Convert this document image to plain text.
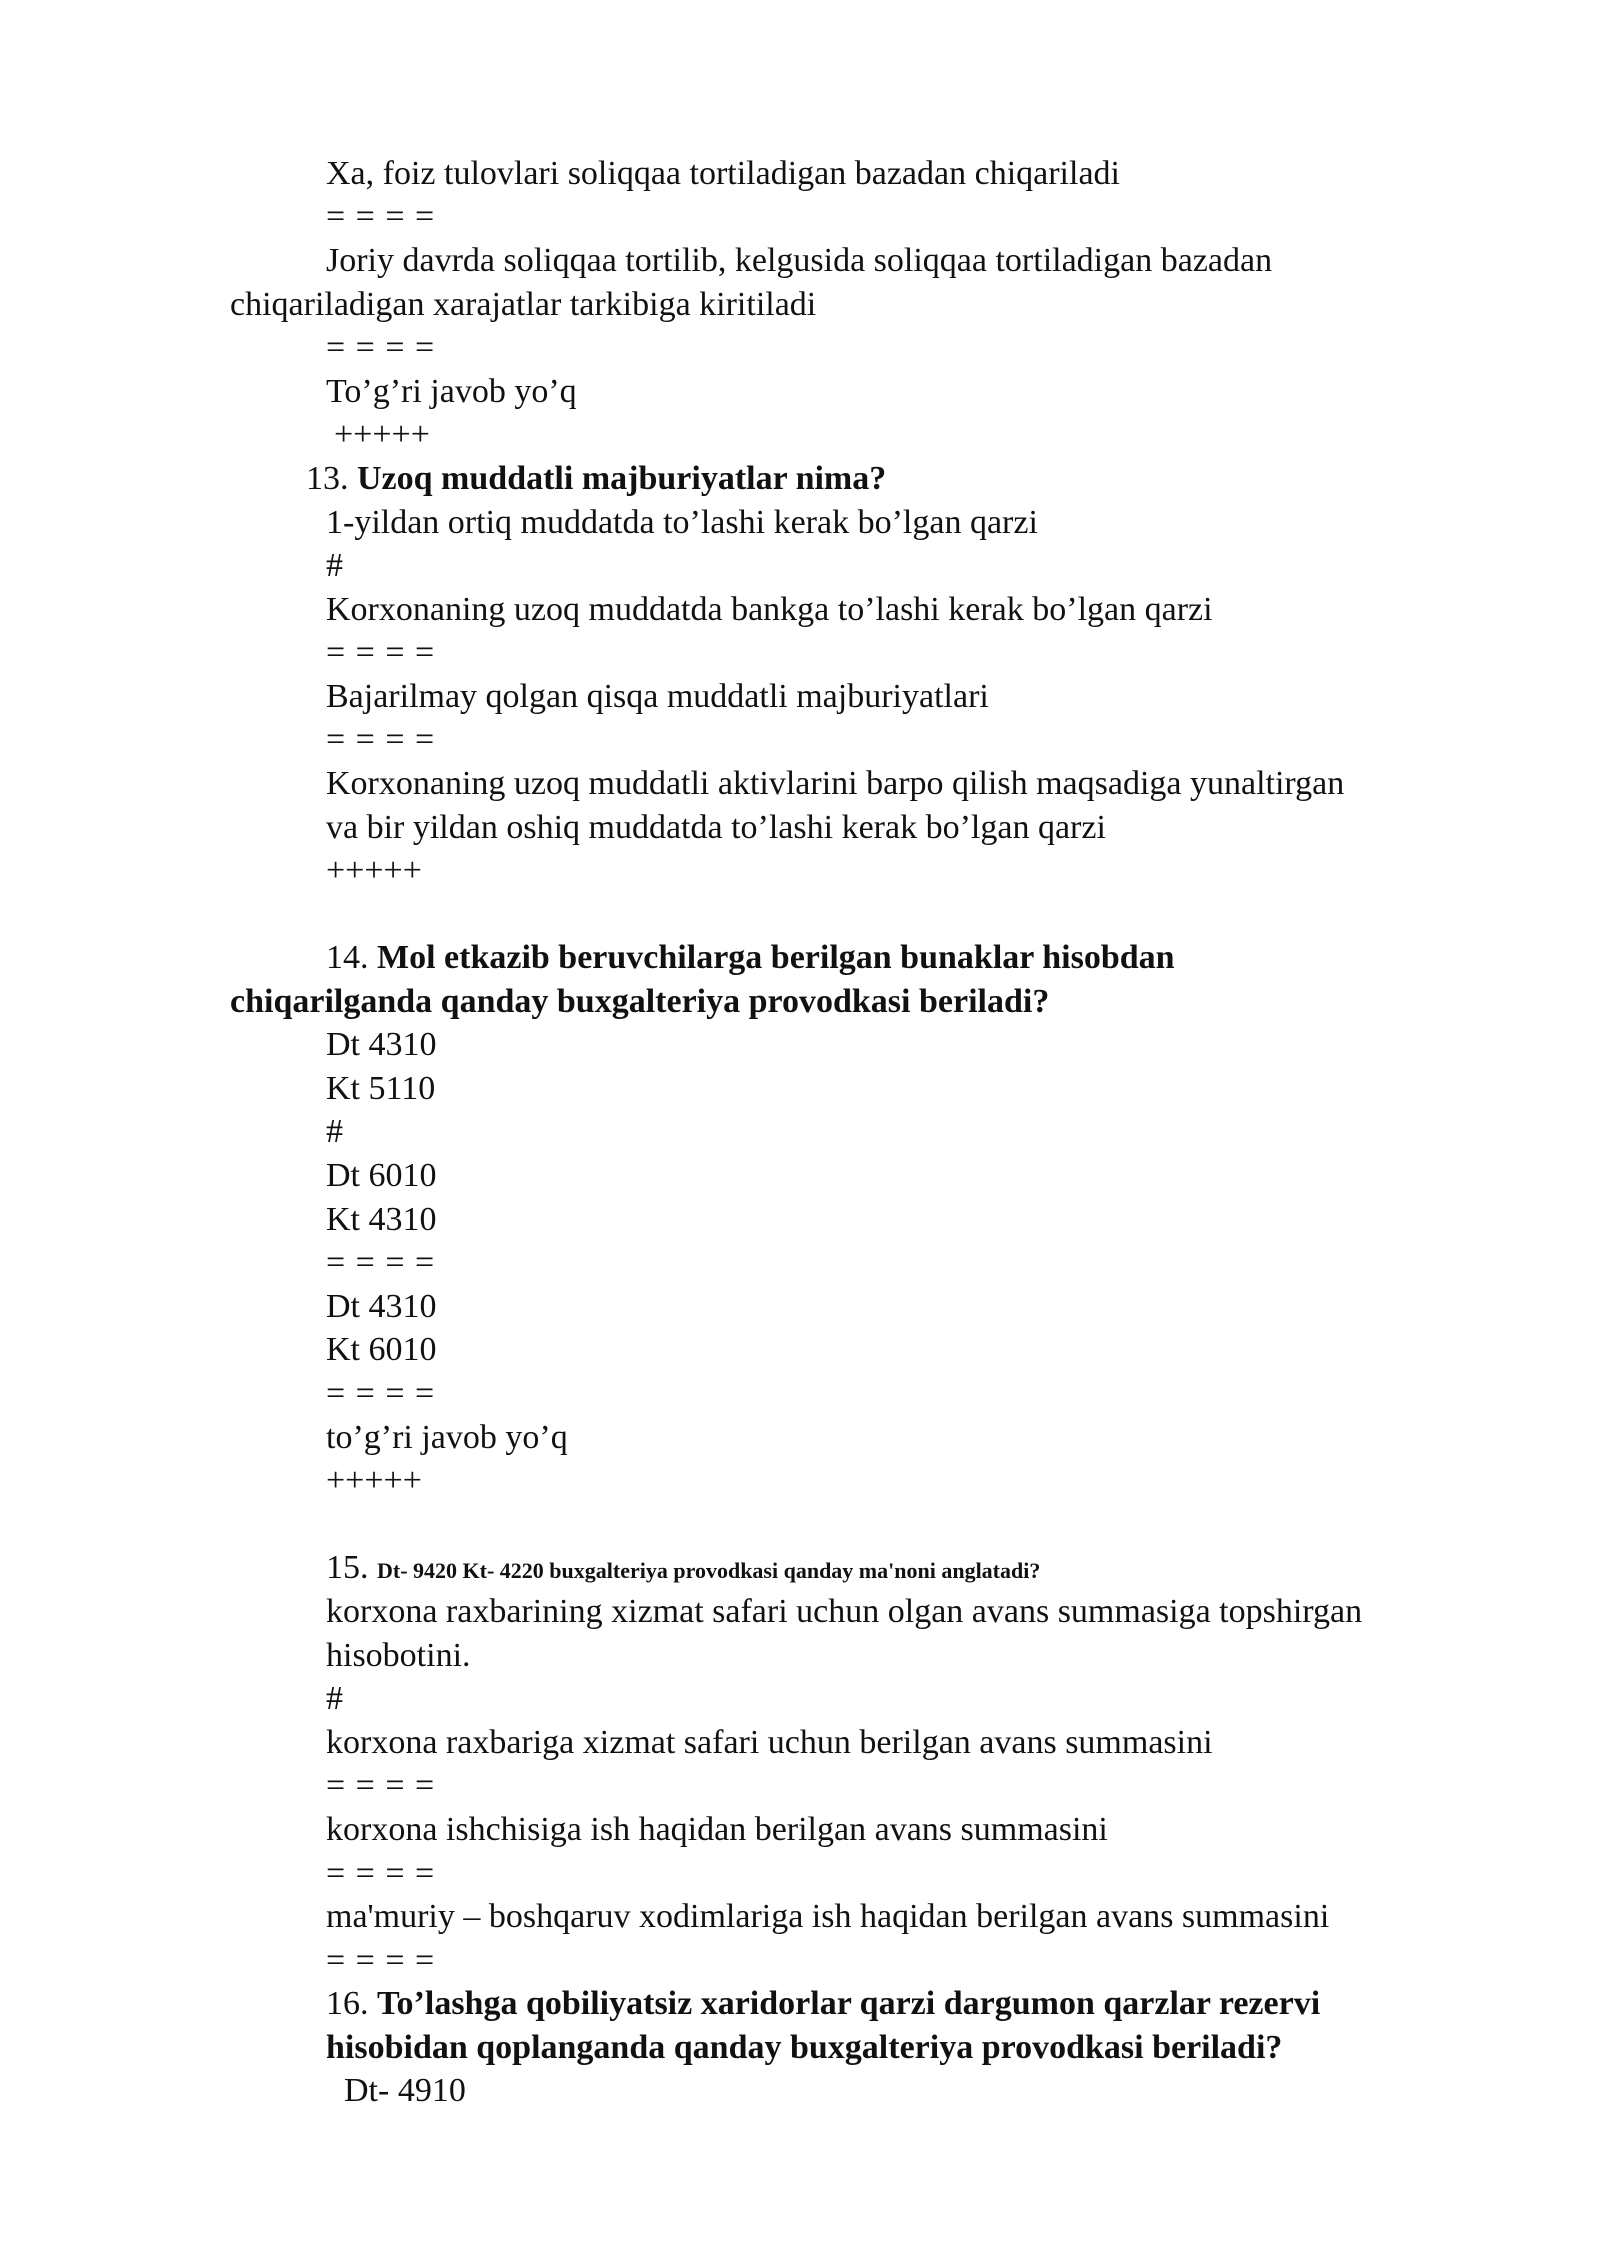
Xa, foiz tulovlari soliqqaa tortiladigan bazadan chiqariladi
= = = =
Joriy davrda soliqqaa tortilib, kelgusida soliqqaa tortiladigan bazadan
chiqariladigan xarajatlar tarkibiga kiritiladi
= = = =
To’g’ri javob yo’q
+++++
13. Uzoq muddatli majburiyatlar nima?
1-yildan ortiq muddatda to’lashi kerak bo’lgan qarzi
#
Korxonaning uzoq muddatda bankga to’lashi kerak bo’lgan qarzi
= = = =
Bajarilmay qolgan qisqa muddatli majburiyatlari
= = = =
Korxonaning uzoq muddatli aktivlarini barpo qilish maqsadiga yunaltirgan
va bir yildan oshiq muddatda to’lashi kerak bo’lgan qarzi
+++++
14. Mol etkazib beruvchilarga berilgan bunaklar hisobdan
chiqarilganda qanday buxgalteriya provodkasi beriladi?
Dt 4310
Kt 5110
#
Dt 6010
Kt 4310
= = = =
Dt 4310
Kt 6010
= = = =
to’g’ri javob yo’q
+++++
15. Dt- 9420 Kt- 4220 buxgalteriya provodkasi qanday ma'noni anglatadi?
korxona raxbarining xizmat safari uchun olgan avans summasiga topshirgan
hisobotini.
#
korxona raxbariga xizmat safari uchun berilgan avans summasini
= = = =
korxona ishchisiga ish haqidan berilgan avans summasini
= = = =
ma'muriy – boshqaruv xodimlariga ish haqidan berilgan avans summasini
= = = =
16. To’lashga qobiliyatsiz xaridorlar qarzi dargumon qarzlar rezervi
hisobidan qoplanganda qanday buxgalteriya provodkasi beriladi?
Dt- 4910
